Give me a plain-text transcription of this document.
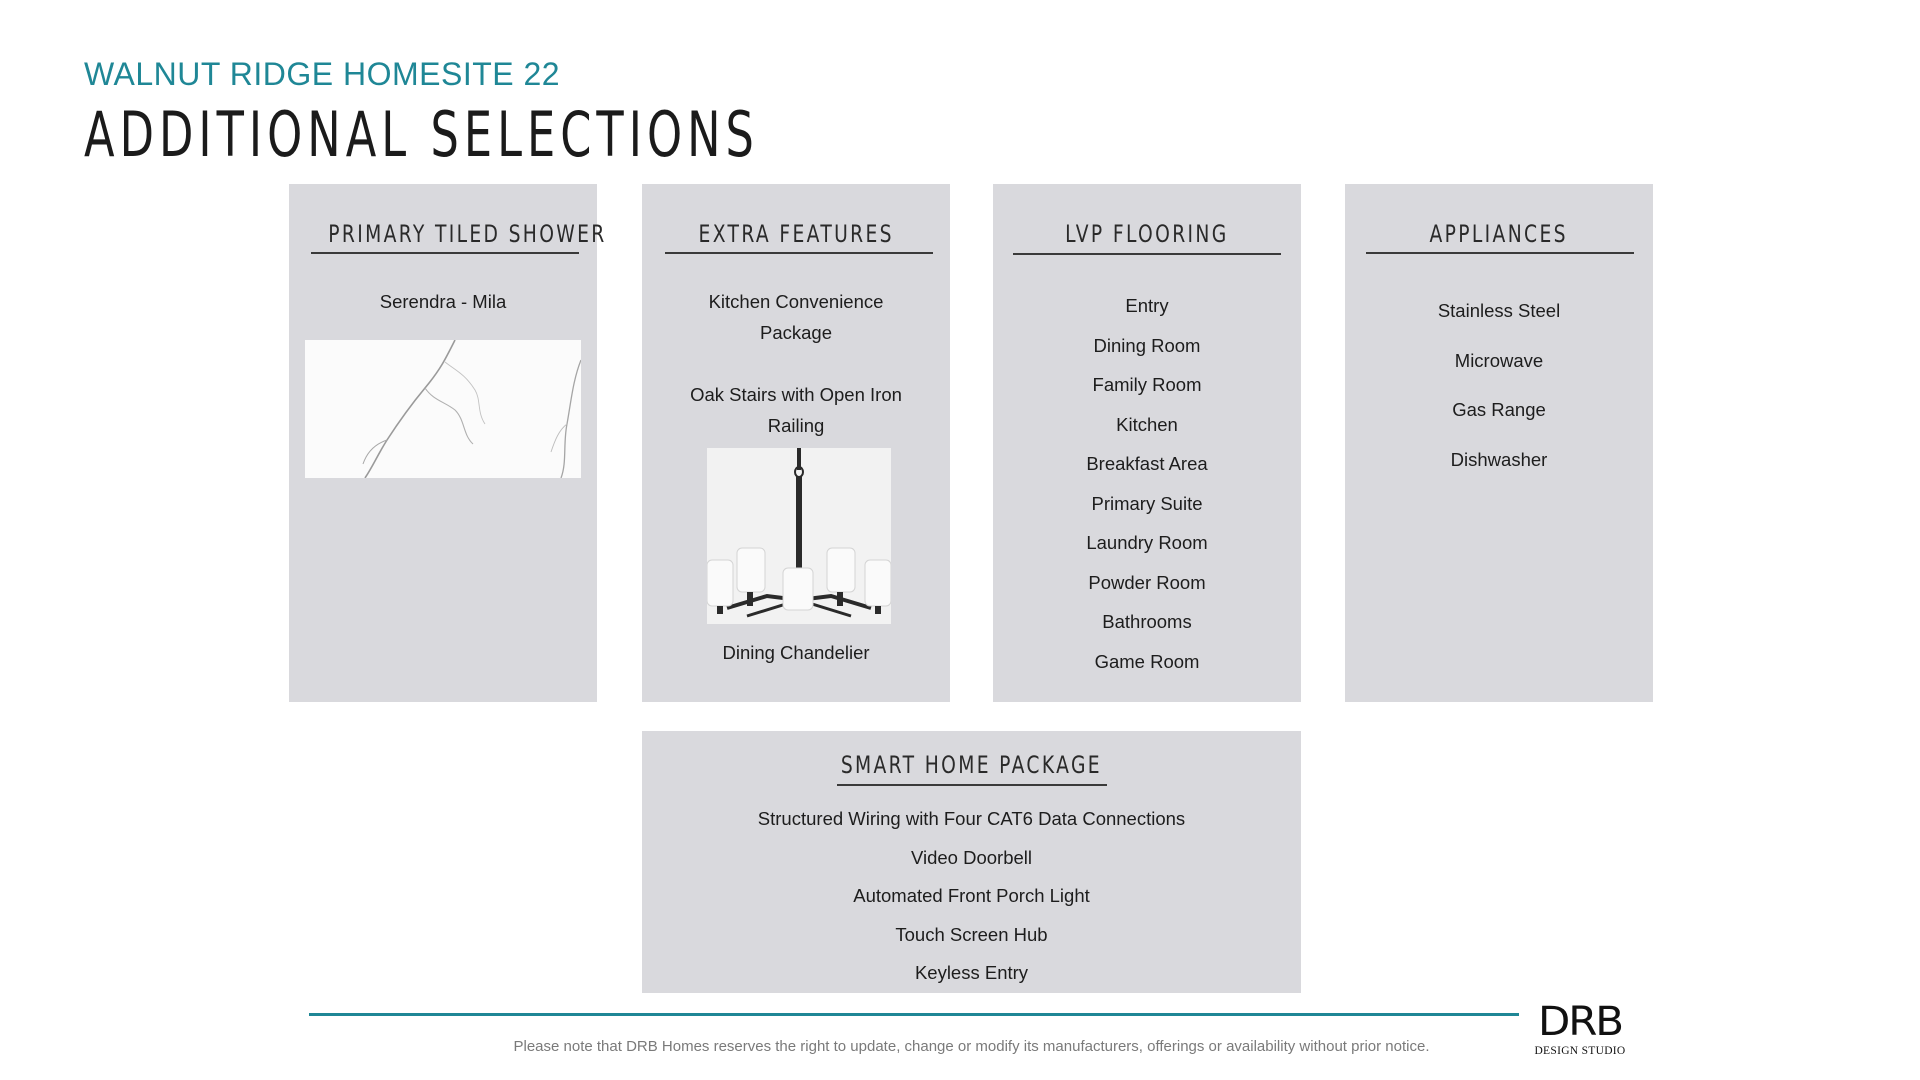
WALNUT RIDGE HOMESITE 22
ADDITIONAL SELECTIONS
PRIMARY TILED SHOWER
Serendra - Mila
EXTRA FEATURES
Kitchen Convenience Package
Oak Stairs with Open Iron Railing
Dining Chandelier
LVP FLOORING
Entry
Dining Room
Family Room
Kitchen
Breakfast Area
Primary Suite
Laundry Room
Powder Room
Bathrooms
Game Room
APPLIANCES
Stainless Steel
Microwave
Gas Range
Dishwasher
SMART HOME PACKAGE
Structured Wiring with Four CAT6 Data Connections
Video Doorbell
Automated Front Porch Light
Touch Screen Hub
Keyless Entry

Please note that DRB Homes reserves the right to update, change or modify its manufacturers, offerings or availability without prior notice.

DRB
DESIGN STUDIO
